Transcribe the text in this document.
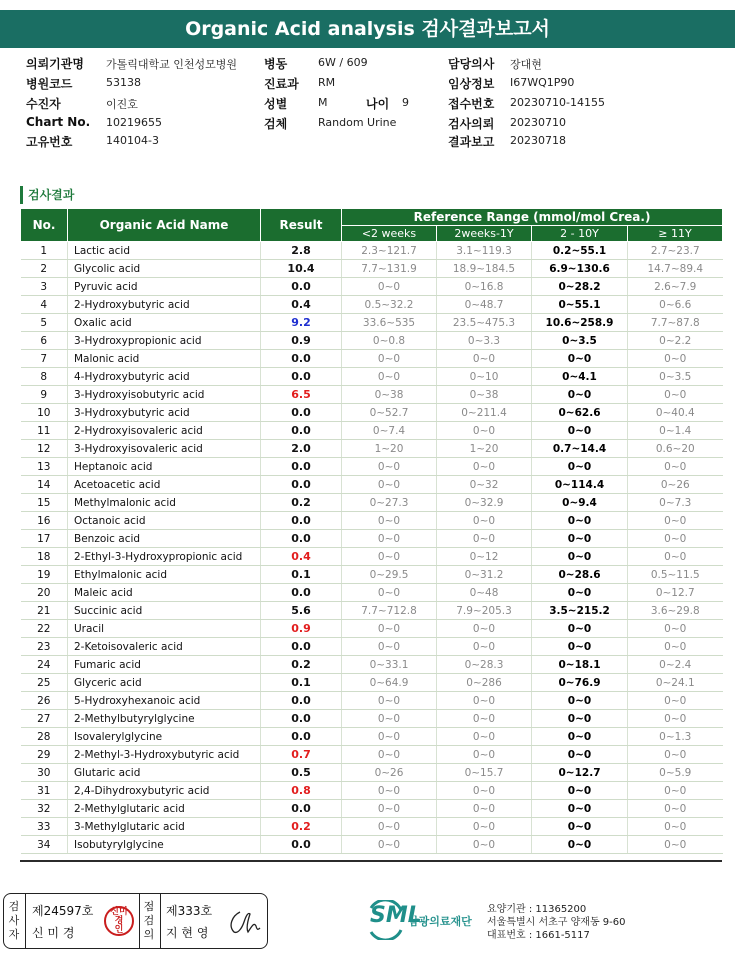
Organic Acid analysis 검사결과보고서
의뢰기관명 가톨릭대학교 인천성모병원
병원코드	53138
수진자	이진호
Chart No. 10219655
고유번호	140104-3
병동	6W / 609
진료과 RM
성별	M	나이 9
검체	Random Urine
담당의사 장대현
임상정보 I67WQ1P90
접수번호 20230710-14155
검사의뢰 20230710
결과보고 20230718
검사결과
No.	Organic Acid Name	Result	Reference Range (mmol/mol Crea.)			
			<2 weeks	2weeks-1Y	2 - 10Y	≥ 11Y
1	Lactic acid	2.8	2.3~121.7	3.1~119.3	0.2~55.1	2.7~23.7
2	Glycolic acid	10.4	7.7~131.9	18.9~184.5	6.9~130.6	14.7~89.4
3	Pyruvic acid	0.0	0~0	0~16.8	0~28.2	2.6~7.9
4	2-Hydroxybutyric acid	0.4	0.5~32.2	0~48.7	0~55.1	0~6.6
5	Oxalic acid	9.2	33.6~535	23.5~475.3	10.6~258.9	7.7~87.8
6	3-Hydroxypropionic acid	0.9	0~0.8	0~3.3	0~3.5	0~2.2
7	Malonic acid	0.0	0~0	0~0	0~0	0~0
8	4-Hydroxybutyric acid	0.0	0~0	0~10	0~4.1	0~3.5
9	3-Hydroxyisobutyric acid	6.5	0~38	0~38	0~0	0~0
10	3-Hydroxybutyric acid	0.0	0~52.7	0~211.4	0~62.6	0~40.4
11	2-Hydroxyisovaleric acid	0.0	0~7.4	0~0	0~0	0~1.4
12	3-Hydroxyisovaleric acid	2.0	1~20	1~20	0.7~14.4	0.6~20
13	Heptanoic acid	0.0	0~0	0~0	0~0	0~0
14	Acetoacetic acid	0.0	0~0	0~32	0~114.4	0~26
15	Methylmalonic acid	0.2	0~27.3	0~32.9	0~9.4	0~7.3
16	Octanoic acid	0.0	0~0	0~0	0~0	0~0
17	Benzoic acid	0.0	0~0	0~0	0~0	0~0
18	2-Ethyl-3-Hydroxypropionic acid	0.4	0~0	0~12	0~0	0~0
19	Ethylmalonic acid	0.1	0~29.5	0~31.2	0~28.6	0.5~11.5
20	Maleic acid	0.0	0~0	0~48	0~0	0~12.7
21	Succinic acid	5.6	7.7~712.8	7.9~205.3	3.5~215.2	3.6~29.8
22	Uracil	0.9	0~0	0~0	0~0	0~0
23	2-Ketoisovaleric acid	0.0	0~0	0~0	0~0	0~0
24	Fumaric acid	0.2	0~33.1	0~28.3	0~18.1	0~2.4
25	Glyceric acid	0.1	0~64.9	0~286	0~76.9	0~24.1
26	5-Hydroxyhexanoic acid	0.0	0~0	0~0	0~0	0~0
27	2-Methylbutyrylglycine	0.0	0~0	0~0	0~0	0~0
28	Isovalerylglycine	0.0	0~0	0~0	0~0	0~1.3
29	2-Methyl-3-Hydroxybutyric acid	0.7	0~0	0~0	0~0	0~0
30	Glutaric acid	0.5	0~26	0~15.7	0~12.7	0~5.9
31	2,4-Dihydroxybutyric acid	0.8	0~0	0~0	0~0	0~0
32	2-Methylglutaric acid	0.0	0~0	0~0	0~0	0~0
33	3-Methylglutaric acid	0.2	0~0	0~0	0~0	0~0
34	Isobutyrylglycine	0.0	0~0	0~0	0~0	0~0
검사자
제24597호
신 미 경
신미경
인
점검의
제333호
지 현 영
SML
삼광의료재단
요양기관 : 11365200
서울특별시 서초구 양재동 9-60
대표번호 : 1661-5117
